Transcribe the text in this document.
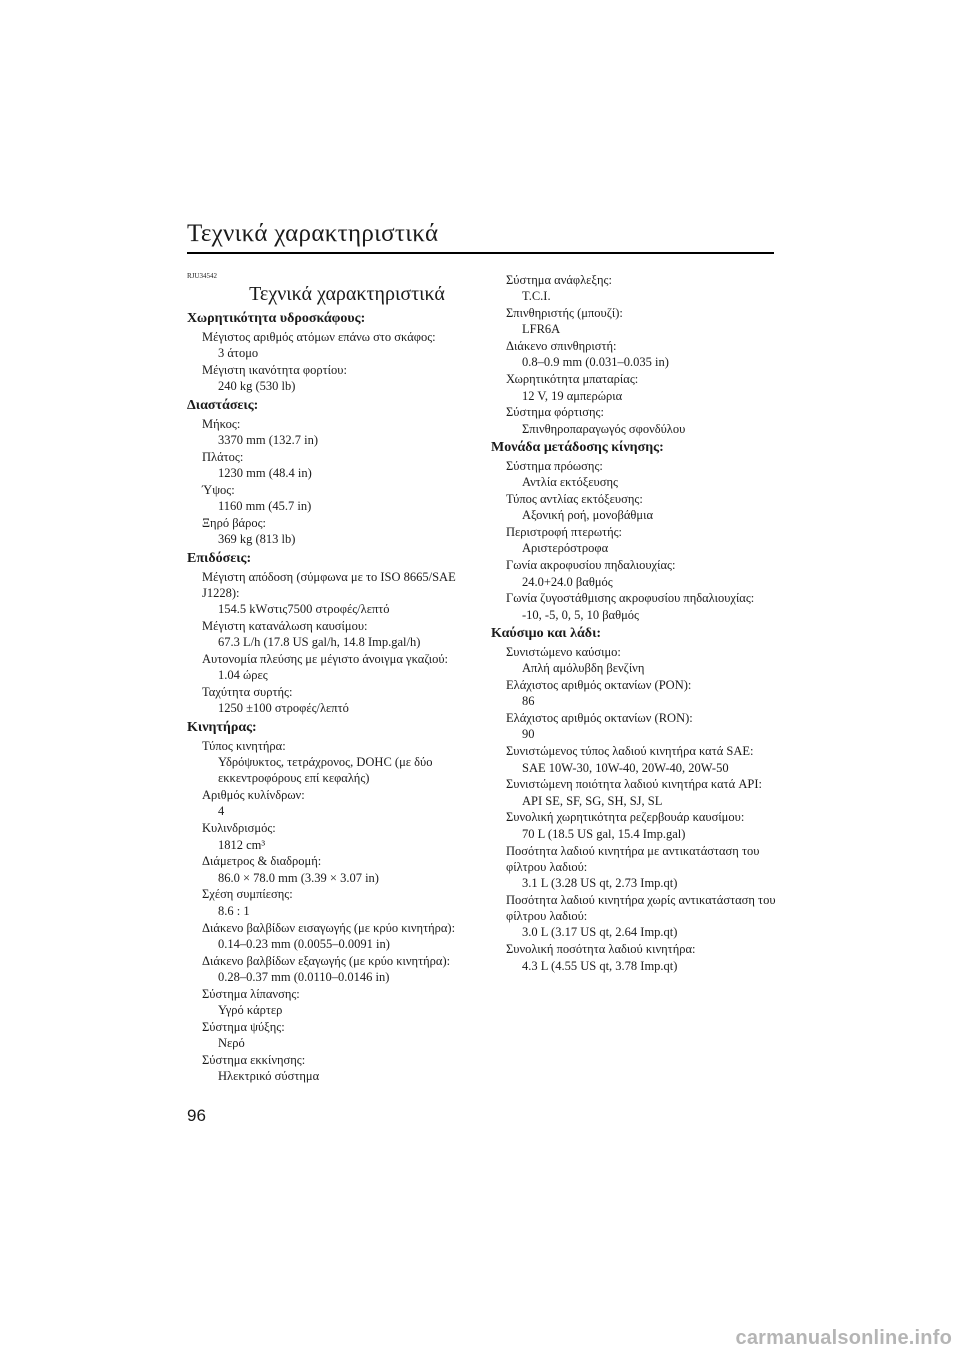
Τεχνικά χαρακτηριστικά
RJU34542
Τεχνικά χαρακτηριστικά
Χωρητικότητα υδροσκάφους:
Μέγιστος αριθμός ατόμων επάνω στο σκάφος:
3 άτομο
Μέγιστη ικανότητα φορτίου:
240 kg (530 lb)
Διαστάσεις:
Μήκος:
3370 mm (132.7 in)
Πλάτος:
1230 mm (48.4 in)
Ύψος:
1160 mm (45.7 in)
Ξηρό βάρος:
369 kg (813 lb)
Επιδόσεις:
Μέγιστη απόδοση (σύμφωνα με το ISO 8665/SAE J1228):
154.5 kWστις7500 στροφές/λεπτό
Μέγιστη κατανάλωση καυσίμου:
67.3 L/h (17.8 US gal/h, 14.8 Imp.gal/h)
Αυτονομία πλεύσης με μέγιστο άνοιγμα γκαζιού:
1.04 ώρες
Ταχύτητα συρτής:
1250 ±100 στροφές/λεπτό
Κινητήρας:
Τύπος κινητήρα:
Υδρόψυκτος, τετράχρονος, DOHC (με δύο εκκεντροφόρους επί κεφαλής)
Αριθμός κυλίνδρων:
4
Κυλινδρισμός:
1812 cm³
Διάμετρος & διαδρομή:
86.0 × 78.0 mm (3.39 × 3.07 in)
Σχέση συμπίεσης:
8.6 : 1
Διάκενο βαλβίδων εισαγωγής (με κρύο κινητήρα):
0.14–0.23 mm (0.0055–0.0091 in)
Διάκενο βαλβίδων εξαγωγής (με κρύο κινητήρα):
0.28–0.37 mm (0.0110–0.0146 in)
Σύστημα λίπανσης:
Υγρό κάρτερ
Σύστημα ψύξης:
Νερό
Σύστημα εκκίνησης:
Ηλεκτρικό σύστημα
Σύστημα ανάφλεξης:
T.C.I.
Σπινθηριστής (μπουζί):
LFR6A
Διάκενο σπινθηριστή:
0.8–0.9 mm (0.031–0.035 in)
Χωρητικότητα μπαταρίας:
12 V, 19 αμπερώρια
Σύστημα φόρτισης:
Σπινθηροπαραγωγός σφονδύλου
Μονάδα μετάδοσης κίνησης:
Σύστημα πρόωσης:
Αντλία εκτόξευσης
Τύπος αντλίας εκτόξευσης:
Αξονική ροή, μονοβάθμια
Περιστροφή πτερωτής:
Αριστερόστροφα
Γωνία ακροφυσίου πηδαλιουχίας:
24.0+24.0 βαθμός
Γωνία ζυγοστάθμισης ακροφυσίου πηδαλιουχίας:
-10, -5, 0, 5, 10 βαθμός
Καύσιμο και λάδι:
Συνιστώμενο καύσιμο:
Απλή αμόλυβδη βενζίνη
Ελάχιστος αριθμός οκτανίων (PON):
86
Ελάχιστος αριθμός οκτανίων (RON):
90
Συνιστώμενος τύπος λαδιού κινητήρα κατά SAE:
SAE 10W-30, 10W-40, 20W-40, 20W-50
Συνιστώμενη ποιότητα λαδιού κινητήρα κατά API:
API SE, SF, SG, SH, SJ, SL
Συνολική χωρητικότητα ρεζερβουάρ καυσίμου:
70 L (18.5 US gal, 15.4 Imp.gal)
Ποσότητα λαδιού κινητήρα με αντικατάσταση του φίλτρου λαδιού:
3.1 L (3.28 US qt, 2.73 Imp.qt)
Ποσότητα λαδιού κινητήρα χωρίς αντικατάσταση του φίλτρου λαδιού:
3.0 L (3.17 US qt, 2.64 Imp.qt)
Συνολική ποσότητα λαδιού κινητήρα:
4.3 L (4.55 US qt, 3.78 Imp.qt)
96
carmanualsonline.info
